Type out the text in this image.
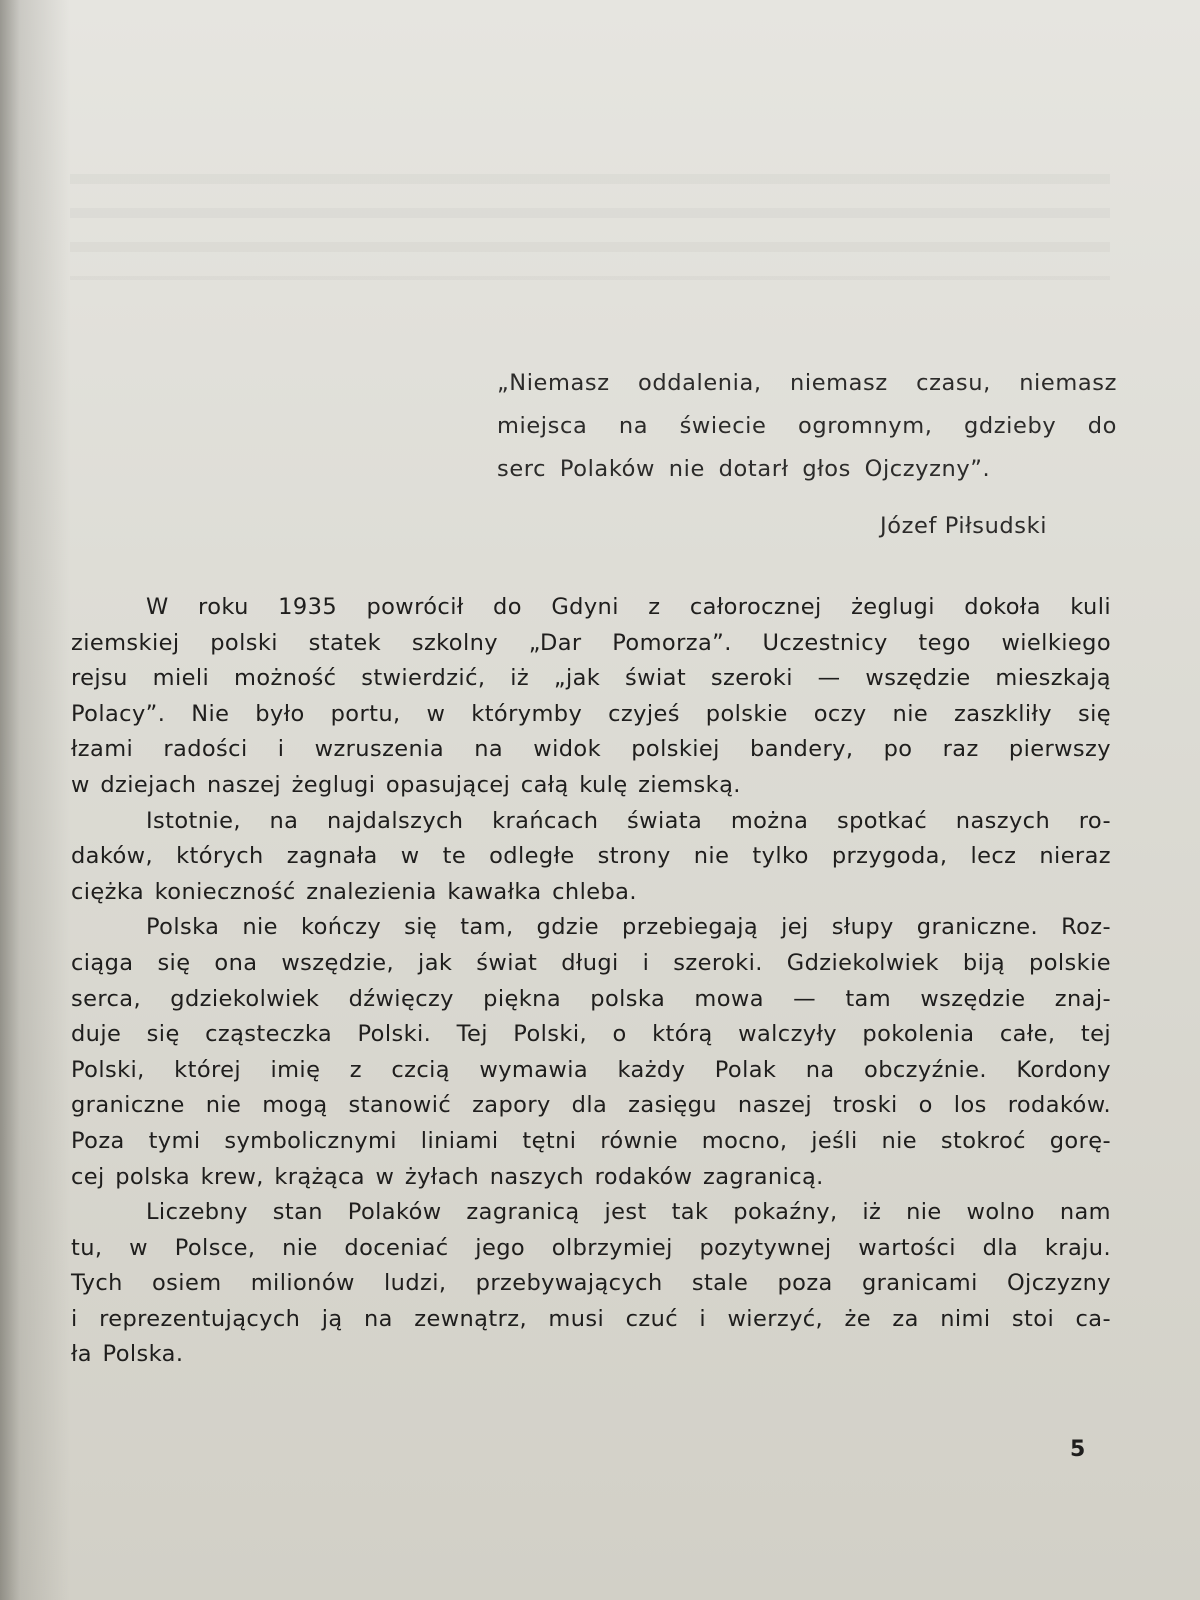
„Niemasz oddalenia, niemasz czasu, niemasz
miejsca na świecie ogromnym, gdzieby do
serc Polaków nie dotarł głos Ojczyzny”.
Józef Piłsudski
W roku 1935 powrócił do Gdyni z całorocznej żeglugi dokoła kuli
ziemskiej polski statek szkolny „Dar Pomorza”. Uczestnicy tego wielkiego
rejsu mieli możność stwierdzić, iż „jak świat szeroki — wszędzie mieszkają
Polacy”. Nie było portu, w którymby czyjeś polskie oczy nie zaszkliły się
łzami radości i wzruszenia na widok polskiej bandery, po raz pierwszy
w dziejach naszej żeglugi opasującej całą kulę ziemską.
Istotnie, na najdalszych krańcach świata można spotkać naszych ro-
daków, których zagnała w te odległe strony nie tylko przygoda, lecz nieraz
ciężka konieczność znalezienia kawałka chleba.
Polska nie kończy się tam, gdzie przebiegają jej słupy graniczne. Roz-
ciąga się ona wszędzie, jak świat długi i szeroki. Gdziekolwiek biją polskie
serca, gdziekolwiek dźwięczy piękna polska mowa — tam wszędzie znaj-
duje się cząsteczka Polski. Tej Polski, o którą walczyły pokolenia całe, tej
Polski, której imię z czcią wymawia każdy Polak na obczyźnie. Kordony
graniczne nie mogą stanowić zapory dla zasięgu naszej troski o los rodaków.
Poza tymi symbolicznymi liniami tętni równie mocno, jeśli nie stokroć gorę-
cej polska krew, krążąca w żyłach naszych rodaków zagranicą.
Liczebny stan Polaków zagranicą jest tak pokaźny, iż nie wolno nam
tu, w Polsce, nie doceniać jego olbrzymiej pozytywnej wartości dla kraju.
Tych osiem milionów ludzi, przebywających stale poza granicami Ojczyzny
i reprezentujących ją na zewnątrz, musi czuć i wierzyć, że za nimi stoi ca-
ła Polska.
5
